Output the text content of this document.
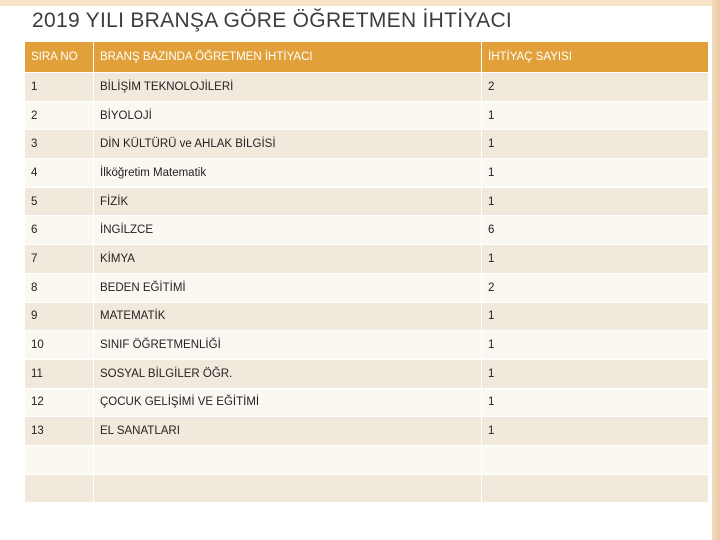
2019 YILI BRANŞA GÖRE ÖĞRETMEN İHTİYACI
SIRA NO	BRANŞ BAZINDA ÖĞRETMEN İHTİYACI	İHTİYAÇ SAYISI
1	BİLİŞİM TEKNOLOJİLERİ	2
2	BİYOLOJİ	1
3	DİN KÜLTÜRÜ ve AHLAK BİLGİSİ	1
4	İlköğretim Matematik	1
5	FİZİK	1
6	İNGİLZCE	6
7	KİMYA	1
8	BEDEN EĞİTİMİ	2
9	MATEMATİK	1
10	SINIF ÖĞRETMENLİĞİ	1
11	SOSYAL BİLGİLER ÖĞR.	1
12	ÇOCUK GELİŞİMİ VE EĞİTİMİ	1
13	EL SANATLARI	1
